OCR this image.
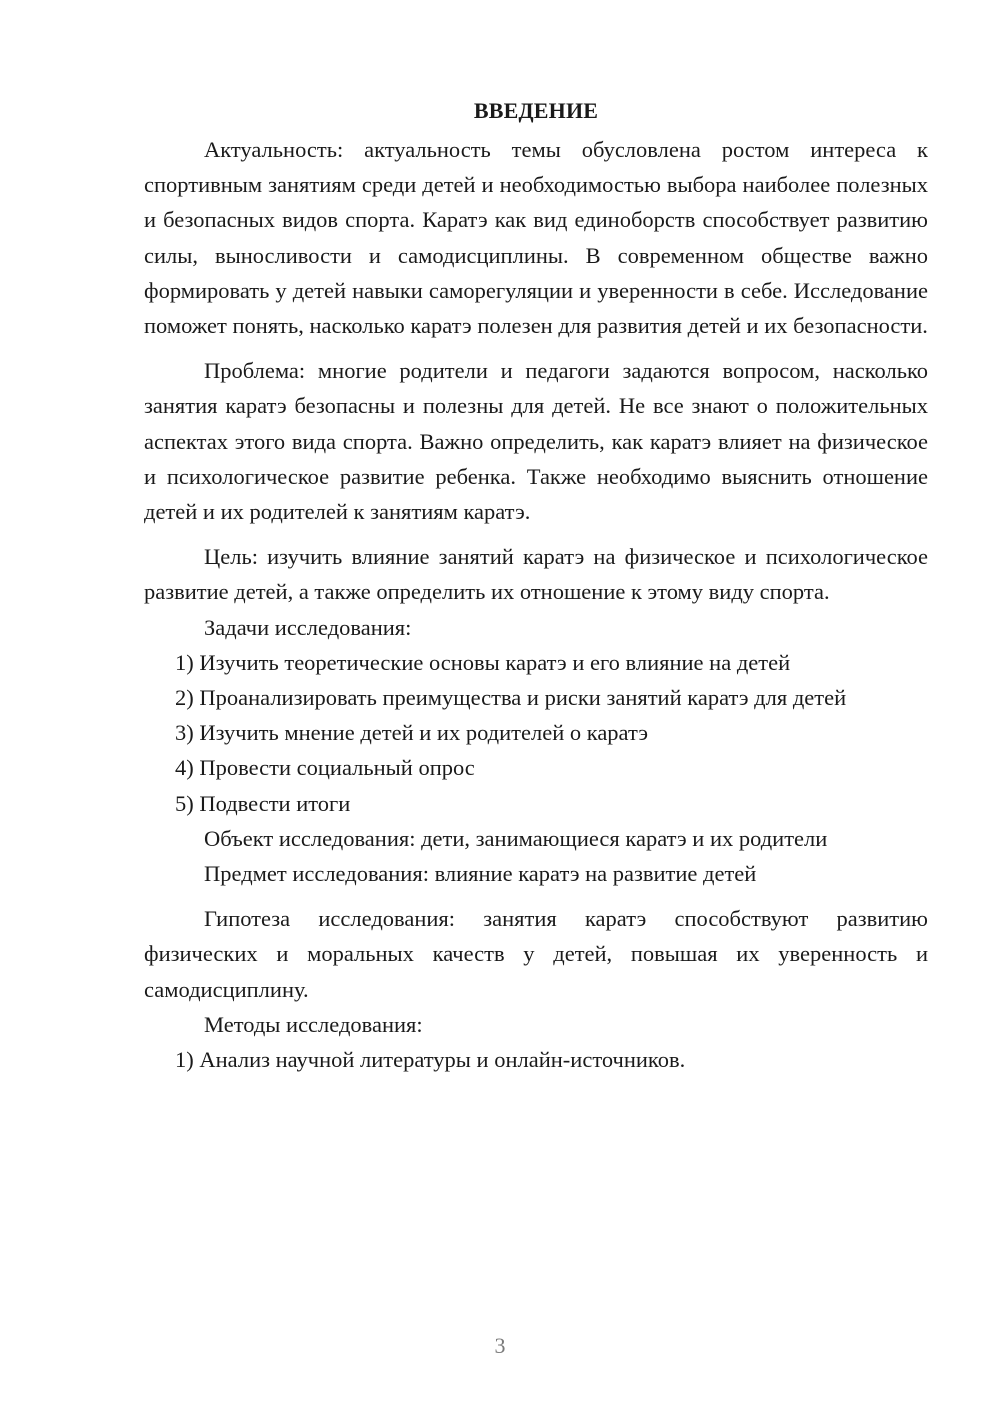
ВВЕДЕНИЕ

Актуальность: актуальность темы обусловлена ростом интереса к спортивным занятиям среди детей и необходимостью выбора наиболее полезных и безопасных видов спорта. Каратэ как вид единоборств способствует развитию силы, выносливости и самодисциплины. В современном обществе важно формировать у детей навыки саморегуляции и уверенности в себе. Исследование поможет понять, насколько каратэ полезен для развития детей и их безопасности.

Проблема: многие родители и педагоги задаются вопросом, насколько занятия каратэ безопасны и полезны для детей. Не все знают о положительных аспектах этого вида спорта. Важно определить, как каратэ влияет на физическое и психологическое развитие ребенка. Также необходимо выяснить отношение детей и их родителей к занятиям каратэ.

Цель: изучить влияние занятий каратэ на физическое и психологическое развитие детей, а также определить их отношение к этому виду спорта.

Задачи исследования:

1) Изучить теоретические основы каратэ и его влияние на детей

2) Проанализировать преимущества и риски занятий каратэ для детей

3) Изучить мнение детей и их родителей о каратэ

4) Провести социальный опрос

5) Подвести итоги

Объект исследования: дети, занимающиеся каратэ и их родители

Предмет исследования: влияние каратэ на развитие детей

Гипотеза исследования: занятия каратэ способствуют развитию физических и моральных качеств у детей, повышая их уверенность и самодисциплину.

Методы исследования:

1) Анализ научной литературы и онлайн-источников.

3
